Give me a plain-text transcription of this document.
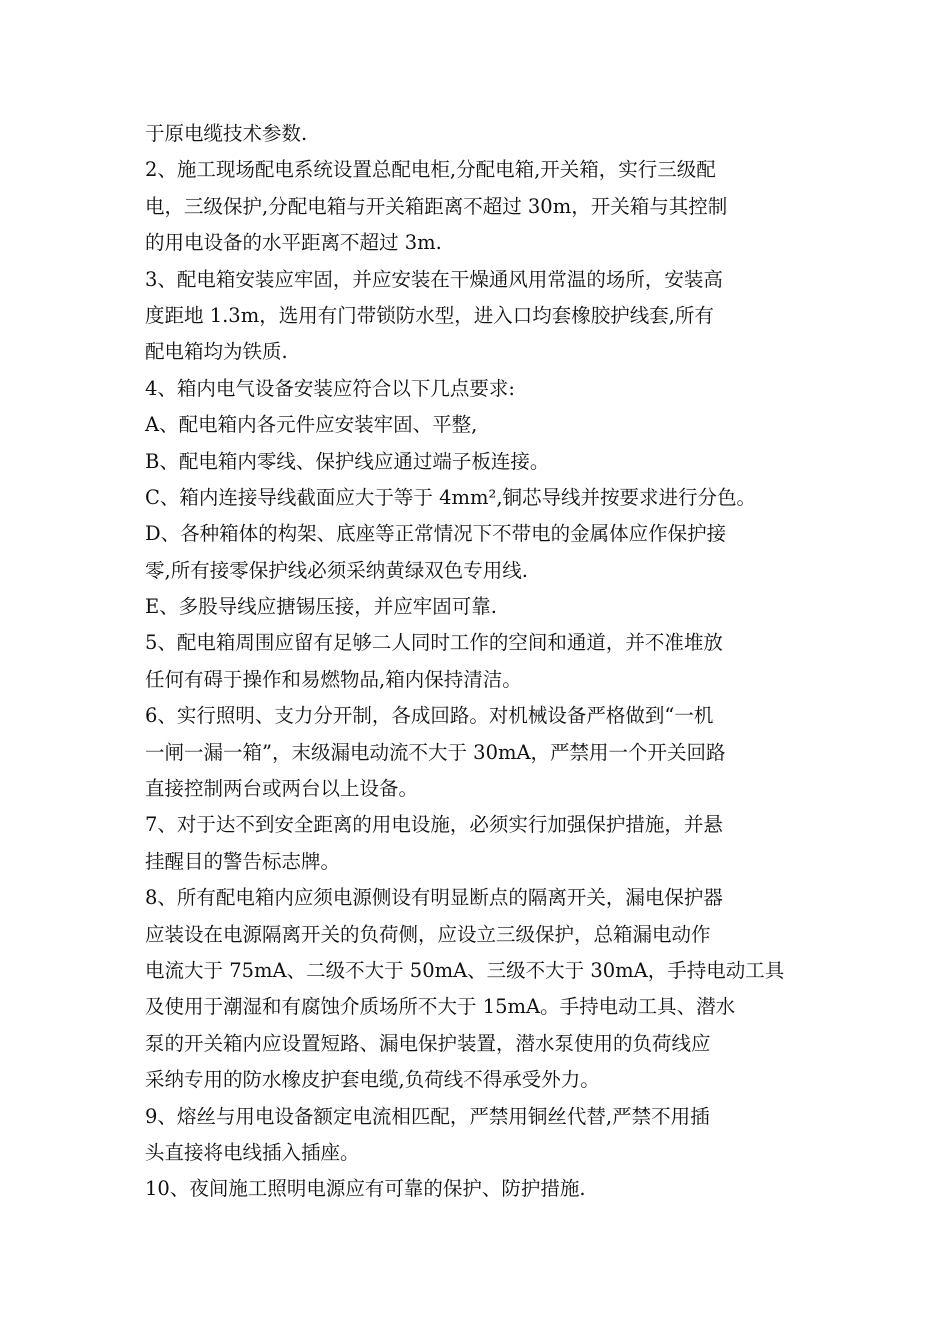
于原电缆技术参数.
2、施工现场配电系统设置总配电柜,分配电箱,开关箱，实行三级配
电，三级保护,分配电箱与开关箱距离不超过 30m，开关箱与其控制
的用电设备的水平距离不超过 3m.
3、配电箱安装应牢固，并应安装在干燥通风用常温的场所，安装高
度距地 1.3m，选用有门带锁防水型，进入口均套橡胶护线套,所有
配电箱均为铁质.
4、箱内电气设备安装应符合以下几点要求:
A、配电箱内各元件应安装牢固、平整,
B、配电箱内零线、保护线应通过端子板连接。
C、箱内连接导线截面应大于等于 4mm²,铜芯导线并按要求进行分色。
D、各种箱体的构架、底座等正常情况下不带电的金属体应作保护接
零,所有接零保护线必须采纳黄绿双色专用线.
E、多股导线应搪锡压接，并应牢固可靠.
5、配电箱周围应留有足够二人同时工作的空间和通道，并不准堆放
任何有碍于操作和易燃物品,箱内保持清洁。
6、实行照明、支力分开制，各成回路。对机械设备严格做到“一机
一闸一漏一箱”，末级漏电动流不大于 30mA，严禁用一个开关回路
直接控制两台或两台以上设备。
7、对于达不到安全距离的用电设施，必须实行加强保护措施，并悬
挂醒目的警告标志牌。
8、所有配电箱内应须电源侧设有明显断点的隔离开关，漏电保护器
应装设在电源隔离开关的负荷侧，应设立三级保护，总箱漏电动作
电流大于 75mA、二级不大于 50mA、三级不大于 30mA，手持电动工具
及使用于潮湿和有腐蚀介质场所不大于 15mA。手持电动工具、潜水
泵的开关箱内应设置短路、漏电保护装置，潜水泵使用的负荷线应
采纳专用的防水橡皮护套电缆,负荷线不得承受外力。
9、熔丝与用电设备额定电流相匹配，严禁用铜丝代替,严禁不用插
头直接将电线插入插座。
10、夜间施工照明电源应有可靠的保护、防护措施.
